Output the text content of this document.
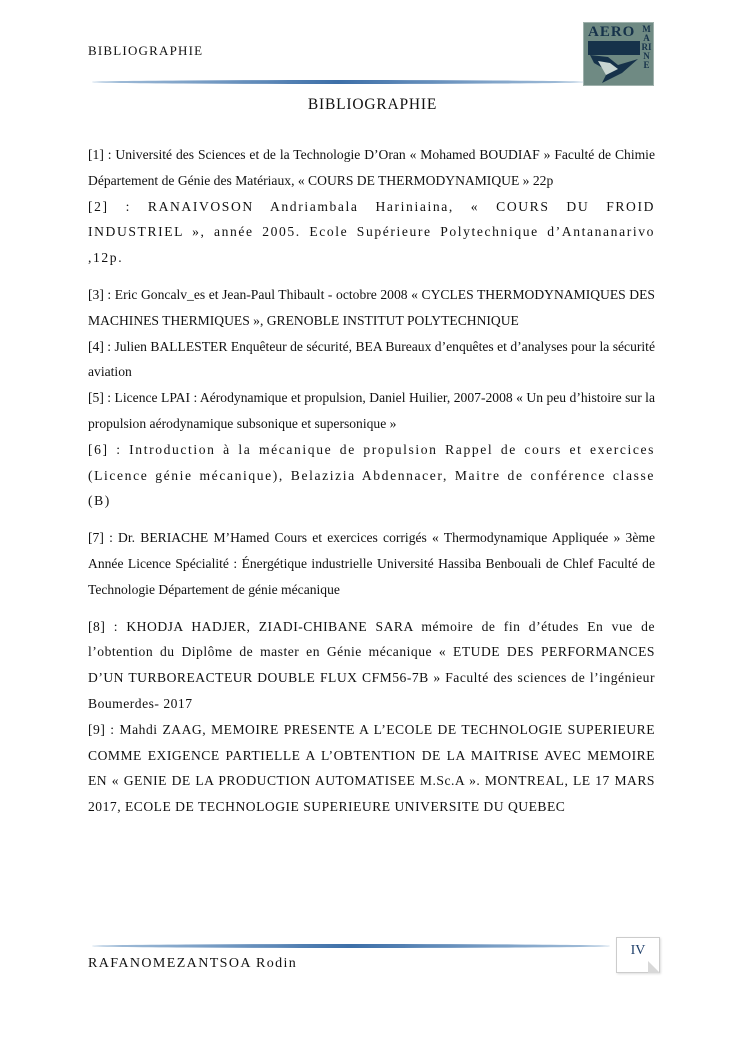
BIBLIOGRAPHIE
AERO MARINE
BIBLIOGRAPHIE

[1] : Université des Sciences et de la Technologie D’Oran « Mohamed BOUDIAF » Faculté de Chimie Département de Génie des Matériaux, « COURS DE THERMODYNAMIQUE » 22p

[2] : RANAIVOSON Andriambala Hariniaina, « COURS DU FROID INDUSTRIEL », année 2005. Ecole Supérieure Polytechnique d’Antananarivo ,12p.

[3] : Eric Goncalv_es et Jean-Paul Thibault - octobre 2008 « CYCLES THERMODYNAMIQUES DES MACHINES THERMIQUES », GRENOBLE INSTITUT POLYTECHNIQUE

[4] : Julien BALLESTER Enquêteur de sécurité, BEA Bureaux d’enquêtes et d’analyses pour la sécurité aviation

[5] : Licence LPAI : Aérodynamique et propulsion, Daniel Huilier, 2007-2008 « Un peu d’histoire sur la propulsion aérodynamique subsonique et supersonique »

[6] : Introduction à la mécanique de propulsion Rappel de cours et exercices (Licence génie mécanique), Belazizia Abdennacer, Maitre de conférence classe (B)

[7] : Dr. BERIACHE M’Hamed Cours et exercices corrigés « Thermodynamique Appliquée » 3ème Année Licence Spécialité : Énergétique industrielle Université Hassiba Benbouali de Chlef Faculté de Technologie Département de génie mécanique

[8] : KHODJA HADJER, ZIADI-CHIBANE SARA mémoire de fin d’études En vue de l’obtention du Diplôme de master en Génie mécanique « ETUDE DES PERFORMANCES D’UN TURBOREACTEUR DOUBLE FLUX CFM56-7B » Faculté des sciences de l’ingénieur Boumerdes- 2017

[9] : Mahdi ZAAG, MEMOIRE PRESENTE A L’ECOLE DE TECHNOLOGIE SUPERIEURE COMME EXIGENCE PARTIELLE A L’OBTENTION DE LA MAITRISE AVEC MEMOIRE EN « GENIE DE LA PRODUCTION AUTOMATISEE M.Sc.A ». MONTREAL, LE 17 MARS 2017, ECOLE DE TECHNOLOGIE SUPERIEURE UNIVERSITE DU QUEBEC

RAFANOMEZANTSOA Rodin
IV
